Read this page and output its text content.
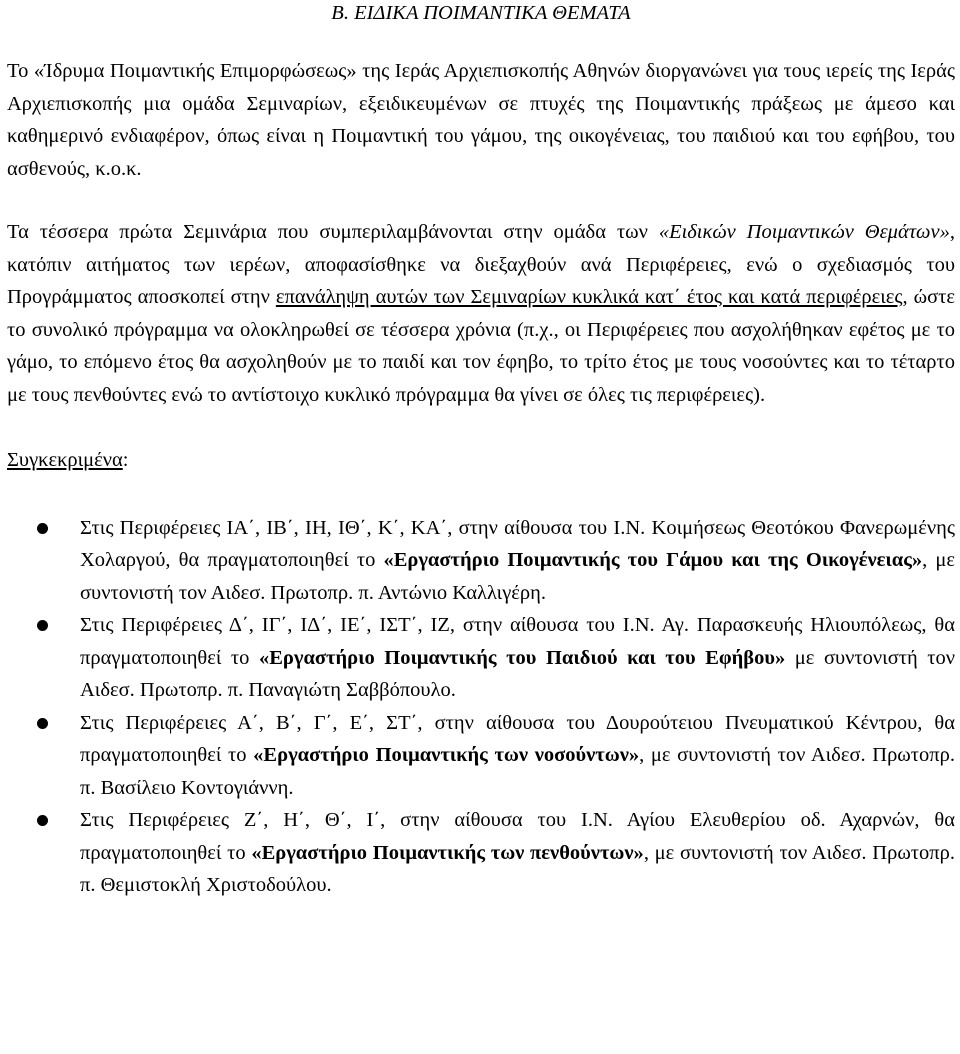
Β. ΕΙΔΙΚΑ ΠΟΙΜΑΝΤΙΚΑ ΘΕΜΑΤΑ

Το «Ίδρυμα Ποιμαντικής Επιμορφώσεως» της Ιεράς Αρχιεπισκοπής Αθηνών διοργανώνει για τους ιερείς της Ιεράς Αρχιεπισκοπής μια ομάδα Σεμιναρίων, εξειδικευμένων σε πτυχές της Ποιμαντικής πράξεως με άμεσο και καθημερινό ενδιαφέρον, όπως είναι η Ποιμαντική του γάμου, της οικογένειας, του παιδιού και του εφήβου, του ασθενούς, κ.ο.κ.

Τα τέσσερα πρώτα Σεμινάρια που συμπεριλαμβάνονται στην ομάδα των «Ειδικών Ποιμαντικών Θεμάτων», κατόπιν αιτήματος των ιερέων, αποφασίσθηκε να διεξαχθούν ανά Περιφέρειες, ενώ ο σχεδιασμός του Προγράμματος αποσκοπεί στην επανάληψη αυτών των Σεμιναρίων κυκλικά κατ΄ έτος και κατά περιφέρειες, ώστε το συνολικό πρόγραμμα να ολοκληρωθεί σε τέσσερα χρόνια (π.χ., οι Περιφέρειες που ασχολήθηκαν εφέτος με το γάμο, το επόμενο έτος θα ασχοληθούν με το παιδί και τον έφηβο, το τρίτο έτος με τους νοσούντες και το τέταρτο με τους πενθούντες ενώ το αντίστοιχο κυκλικό πρόγραμμα θα γίνει σε όλες τις περιφέρειες).

Συγκεκριμένα:

Στις Περιφέρειες ΙΑ΄, ΙΒ΄, ΙΗ, ΙΘ΄, Κ΄, ΚΑ΄, στην αίθουσα του Ι.Ν. Κοιμήσεως Θεοτόκου Φανερωμένης Χολαργού, θα πραγματοποιηθεί το «Εργαστήριο Ποιμαντικής του Γάμου και της Οικογένειας», με συντονιστή τον Αιδεσ. Πρωτοπρ. π. Αντώνιο Καλλιγέρη.
Στις Περιφέρειες Δ΄, ΙΓ΄, ΙΔ΄, ΙΕ΄, ΙΣΤ΄, ΙΖ, στην αίθουσα του Ι.Ν. Αγ. Παρασκευής Ηλιουπόλεως, θα πραγματοποιηθεί το «Εργαστήριο Ποιμαντικής του Παιδιού και του Εφήβου» με συντονιστή τον Αιδεσ. Πρωτοπρ. π. Παναγιώτη Σαββόπουλο.
Στις Περιφέρειες Α΄, Β΄, Γ΄, Ε΄, ΣΤ΄, στην αίθουσα του Δουρούτειου Πνευματικού Κέντρου, θα πραγματοποιηθεί το «Εργαστήριο Ποιμαντικής των νοσούντων», με συντονιστή τον Αιδεσ. Πρωτοπρ. π. Βασίλειο Κοντογιάννη.
Στις Περιφέρειες Ζ΄, Η΄, Θ΄, Ι΄, στην αίθουσα του Ι.Ν. Αγίου Ελευθερίου οδ. Αχαρνών, θα πραγματοποιηθεί το «Εργαστήριο Ποιμαντικής των πενθούντων», με συντονιστή τον Αιδεσ. Πρωτοπρ. π. Θεμιστοκλή Χριστοδούλου.
